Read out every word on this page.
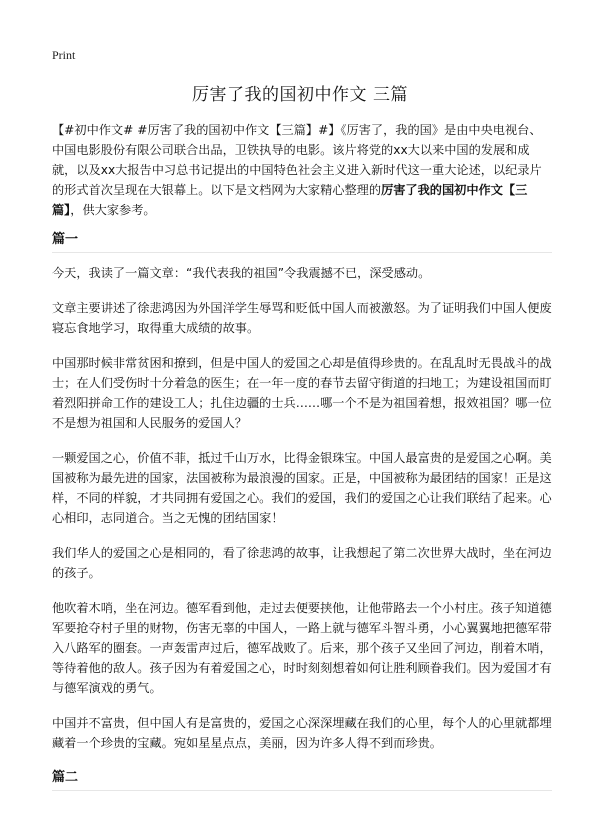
Print
厉害了我的国初中作文 三篇

【#初中作文# #厉害了我的国初中作文【三篇】#】《厉害了，我的国》是由中央电视台、中国电影股份有限公司联合出品，卫铁执导的电影。该片将党的xx大以来中国的发展和成就，以及xx大报告中习总书记提出的中国特色社会主义进入新时代这一重大论述，以纪录片的形式首次呈现在大银幕上。以下是文档网为大家精心整理的厉害了我的国初中作文【三篇】，供大家参考。

篇一

今天，我读了一篇文章：“我代表我的祖国”令我震撼不已，深受感动。

文章主要讲述了徐悲鸿因为外国洋学生辱骂和贬低中国人而被激怒。为了证明我们中国人便废寝忘食地学习，取得重大成绩的故事。

中国那时候非常贫困和撩到，但是中国人的爱国之心却是值得珍贵的。在乱乱时无畏战斗的战士；在人们受伤时十分着急的医生；在一年一度的春节去留守街道的扫地工；为建设祖国而盯着烈阳拼命工作的建设工人；扎住边疆的士兵……哪一个不是为祖国着想，报效祖国？哪一位不是想为祖国和人民服务的爱国人？

一颗爱国之心，价值不菲，抵过千山万水，比得金银珠宝。中国人最富贵的是爱国之心啊。美国被称为最先进的国家，法国被称为最浪漫的国家。正是，中国被称为最团结的国家！正是这样，不同的样貌，才共同拥有爱国之心。我们的爱国，我们的爱国之心让我们联结了起来。心心相印，志同道合。当之无愧的团结国家！

我们华人的爱国之心是相同的，看了徐悲鸿的故事，让我想起了第二次世界大战时，坐在河边的孩子。

他吹着木哨，坐在河边。德军看到他，走过去便要挟他，让他带路去一个小村庄。孩子知道德军要抢夺村子里的财物，伤害无辜的中国人，一路上就与德军斗智斗勇，小心翼翼地把德军带入八路军的圈套。一声轰雷声过后，德军战败了。后来，那个孩子又坐回了河边，削着木哨，等待着他的敌人。孩子因为有着爱国之心，时时刻刻想着如何让胜利顾眷我们。因为爱国才有与德军演戏的勇气。

中国并不富贵，但中国人有是富贵的，爱国之心深深埋藏在我们的心里，每个人的心里就都埋藏着一个珍贵的宝藏。宛如星星点点，美丽，因为许多人得不到而珍贵。

篇二
